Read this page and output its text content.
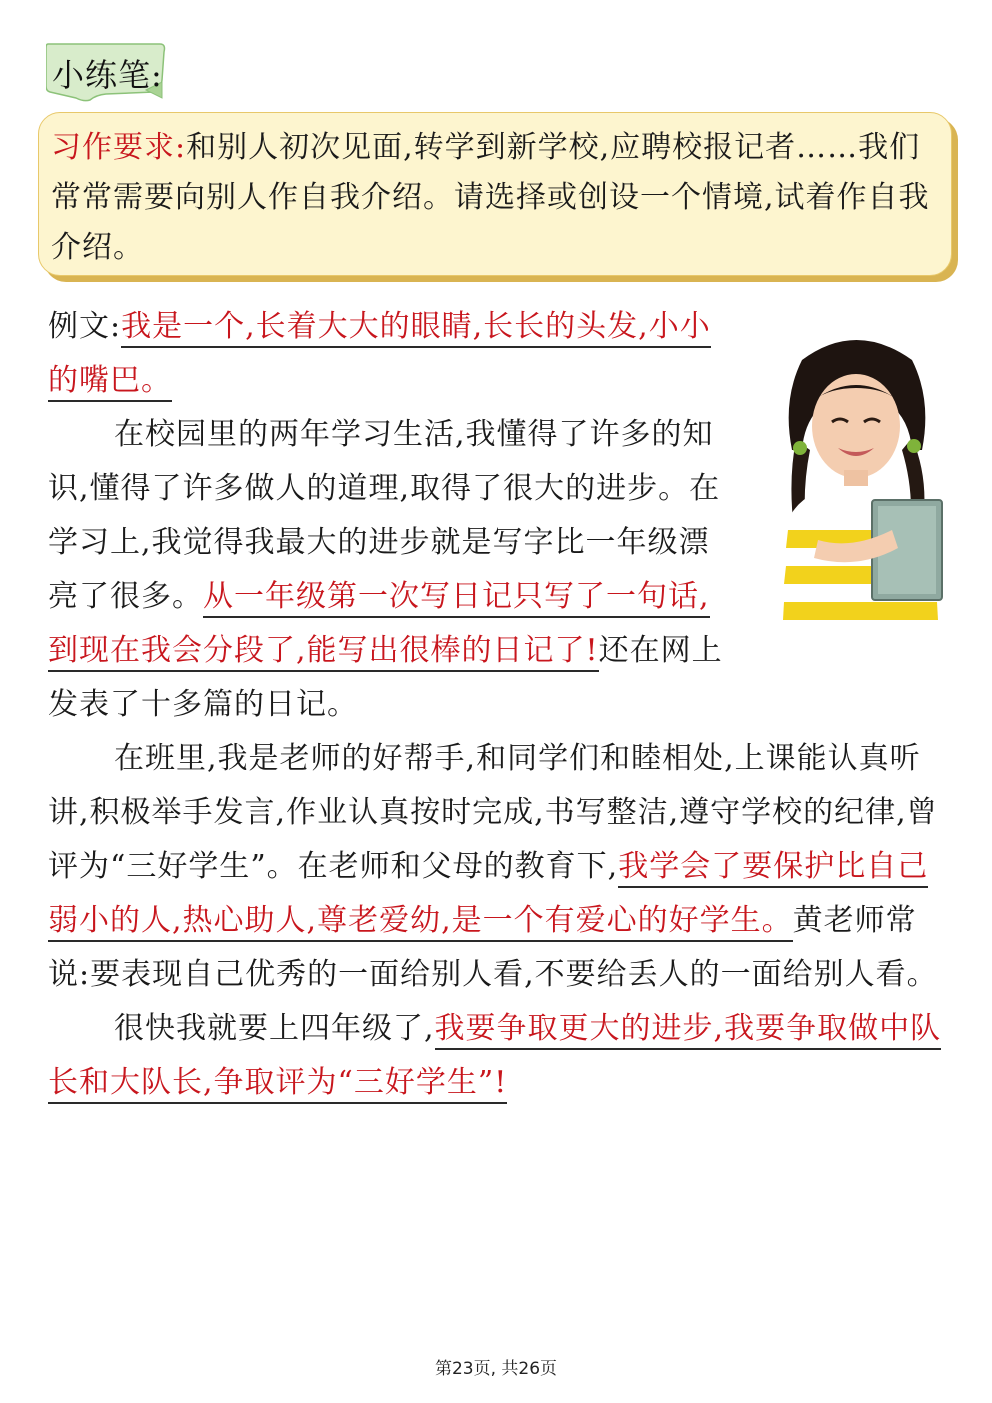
小练笔:
习作要求:和别人初次见面,转学到新学校,应聘校报记者……我们常常需要向别人作自我介绍。请选择或创设一个情境,试着作自我介绍。

例文:我是一个,长着大大的眼睛,长长的头发,小小的嘴巴。

在校园里的两年学习生活,我懂得了许多的知识,懂得了许多做人的道理,取得了很大的进步。在学习上,我觉得我最大的进步就是写字比一年级漂亮了很多。从一年级第一次写日记只写了一句话,到现在我会分段了,能写出很棒的日记了!还在网上发表了十多篇的日记。

在班里,我是老师的好帮手,和同学们和睦相处,上课能认真听讲,积极举手发言,作业认真按时完成,书写整洁,遵守学校的纪律,曾评为“三好学生”。在老师和父母的教育下,我学会了要保护比自己弱小的人,热心助人,尊老爱幼,是一个有爱心的好学生。黄老师常说:要表现自己优秀的一面给别人看,不要给丢人的一面给别人看。

很快我就要上四年级了,我要争取更大的进步,我要争取做中队长和大队长,争取评为“三好学生”!

第23页, 共26页
